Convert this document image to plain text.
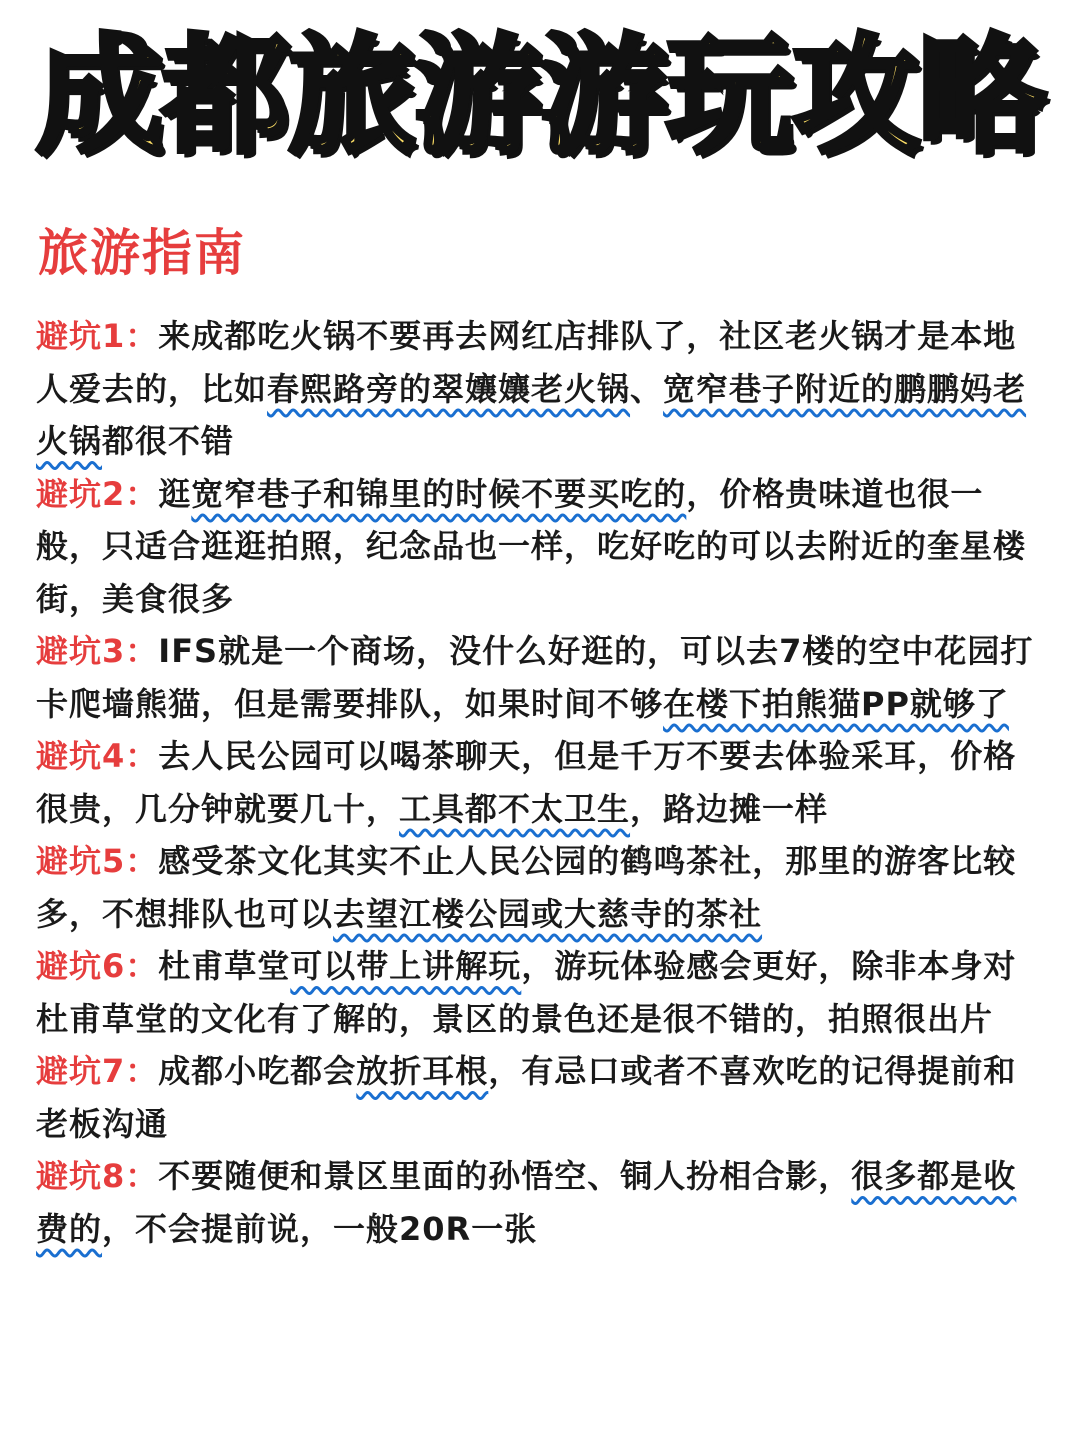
成都旅游游玩攻略
旅游指南

避坑1：来成都吃火锅不要再去网红店排队了，社区老火锅才是本地人爱去的，比如春熙路旁的翠孃孃老火锅、宽窄巷子附近的鹏鹏妈老火锅都很不错

避坑2：逛宽窄巷子和锦里的时候不要买吃的，价格贵味道也很一般，只适合逛逛拍照，纪念品也一样，吃好吃的可以去附近的奎星楼街，美食很多

避坑3：IFS就是一个商场，没什么好逛的，可以去7楼的空中花园打卡爬墙熊猫，但是需要排队，如果时间不够在楼下拍熊猫PP就够了

避坑4：去人民公园可以喝茶聊天，但是千万不要去体验采耳，价格很贵，几分钟就要几十，工具都不太卫生，路边摊一样

避坑5：感受茶文化其实不止人民公园的鹤鸣茶社，那里的游客比较多，不想排队也可以去望江楼公园或大慈寺的茶社

避坑6：杜甫草堂可以带上讲解玩，游玩体验感会更好，除非本身对杜甫草堂的文化有了解的，景区的景色还是很不错的，拍照很出片

避坑7：成都小吃都会放折耳根，有忌口或者不喜欢吃的记得提前和老板沟通

避坑8：不要随便和景区里面的孙悟空、铜人扮相合影，很多都是收费的，不会提前说，一般20R一张
